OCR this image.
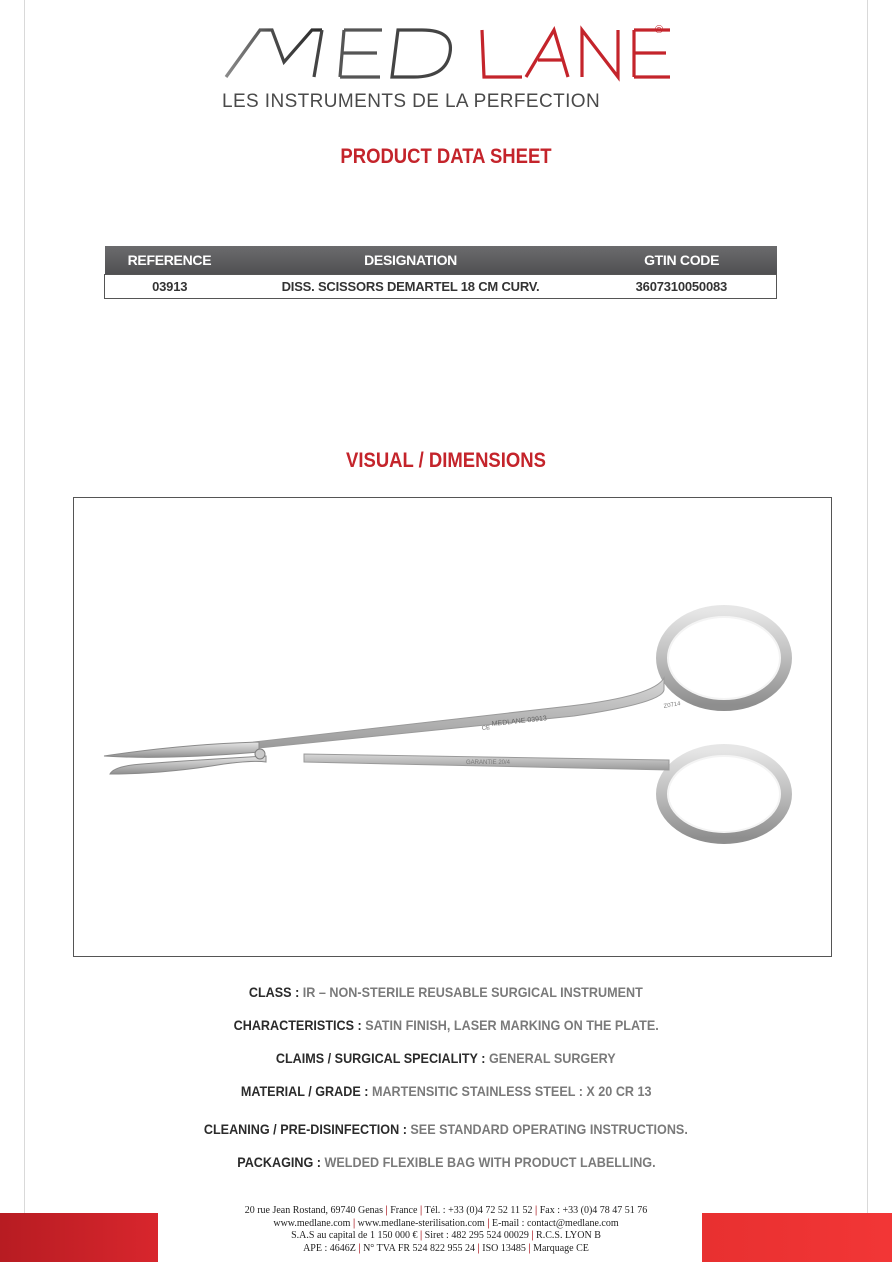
®
LES INSTRUMENTS DE LA PERFECTION
PRODUCT DATA SHEET
REFERENCE	DESIGNATION	GTIN CODE
03913	DISS. SCISSORS DEMARTEL 18 CM CURV.	3607310050083
VISUAL / DIMENSIONS
MEDLANE 03913
CE
GARANTIE 20/4
Z0714
CLASS : IR – NON-STERILE REUSABLE SURGICAL INSTRUMENT
CHARACTERISTICS : SATIN FINISH, LASER MARKING ON THE PLATE.
CLAIMS / SURGICAL SPECIALITY : GENERAL SURGERY
MATERIAL / GRADE : MARTENSITIC STAINLESS STEEL : X 20 CR 13
CLEANING / PRE-DISINFECTION : SEE STANDARD OPERATING INSTRUCTIONS.
PACKAGING : WELDED FLEXIBLE BAG WITH PRODUCT LABELLING.
20 rue Jean Rostand, 69740 Genas | France | Tél. : +33 (0)4 72 52 11 52 | Fax : +33 (0)4 78 47 51 76
www.medlane.com | www.medlane-sterilisation.com | E-mail : contact@medlane.com
S.A.S au capital de 1 150 000 € | Siret : 482 295 524 00029 | R.C.S. LYON B
APE : 4646Z | N° TVA FR 524 822 955 24 | ISO 13485 | Marquage CE
